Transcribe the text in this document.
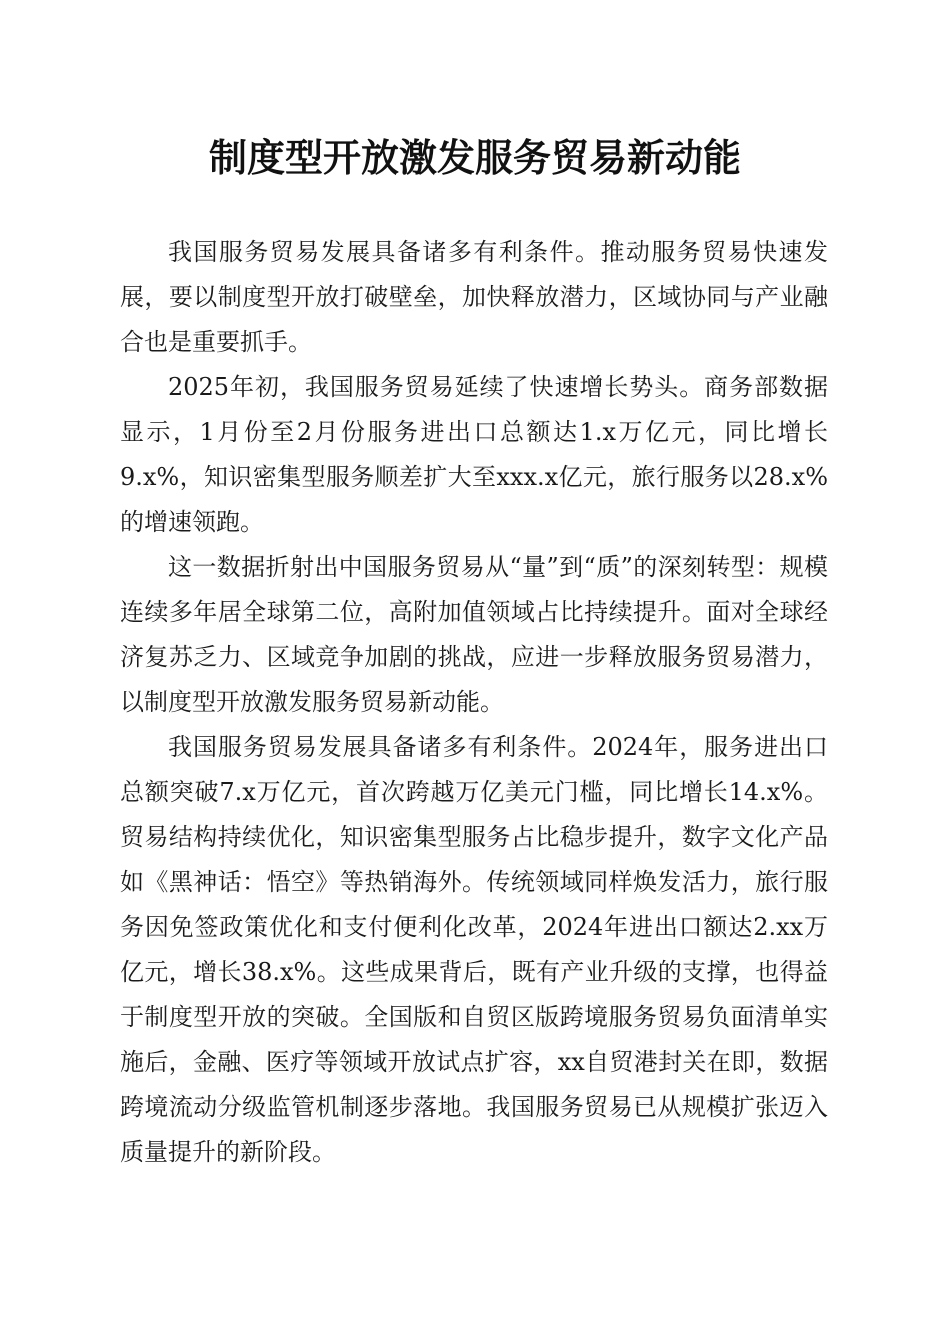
制度型开放激发服务贸易新动能

我国服务贸易发展具备诸多有利条件。推动服务贸易快速发展，要以制度型开放打破壁垒，加快释放潜力，区域协同与产业融合也是重要抓手。

2025年初，我国服务贸易延续了快速增长势头。商务部数据显示，1月份至2月份服务进出口总额达1.x万亿元，同比增长9.x%，知识密集型服务顺差扩大至xxx.x亿元，旅行服务以28.x%的增速领跑。

这一数据折射出中国服务贸易从“量”到“质”的深刻转型：规模连续多年居全球第二位，高附加值领域占比持续提升。面对全球经济复苏乏力、区域竞争加剧的挑战，应进一步释放服务贸易潜力，以制度型开放激发服务贸易新动能。

我国服务贸易发展具备诸多有利条件。2024年，服务进出口总额突破7.x万亿元，首次跨越万亿美元门槛，同比增长14.x%。贸易结构持续优化，知识密集型服务占比稳步提升，数字文化产品如《黑神话：悟空》等热销海外。传统领域同样焕发活力，旅行服务因免签政策优化和支付便利化改革，2024年进出口额达2.xx万亿元，增长38.x%。这些成果背后，既有产业升级的支撑，也得益于制度型开放的突破。全国版和自贸区版跨境服务贸易负面清单实施后，金融、医疗等领域开放试点扩容，xx自贸港封关在即，数据跨境流动分级监管机制逐步落地。我国服务贸易已从规模扩张迈入质量提升的新阶段。
